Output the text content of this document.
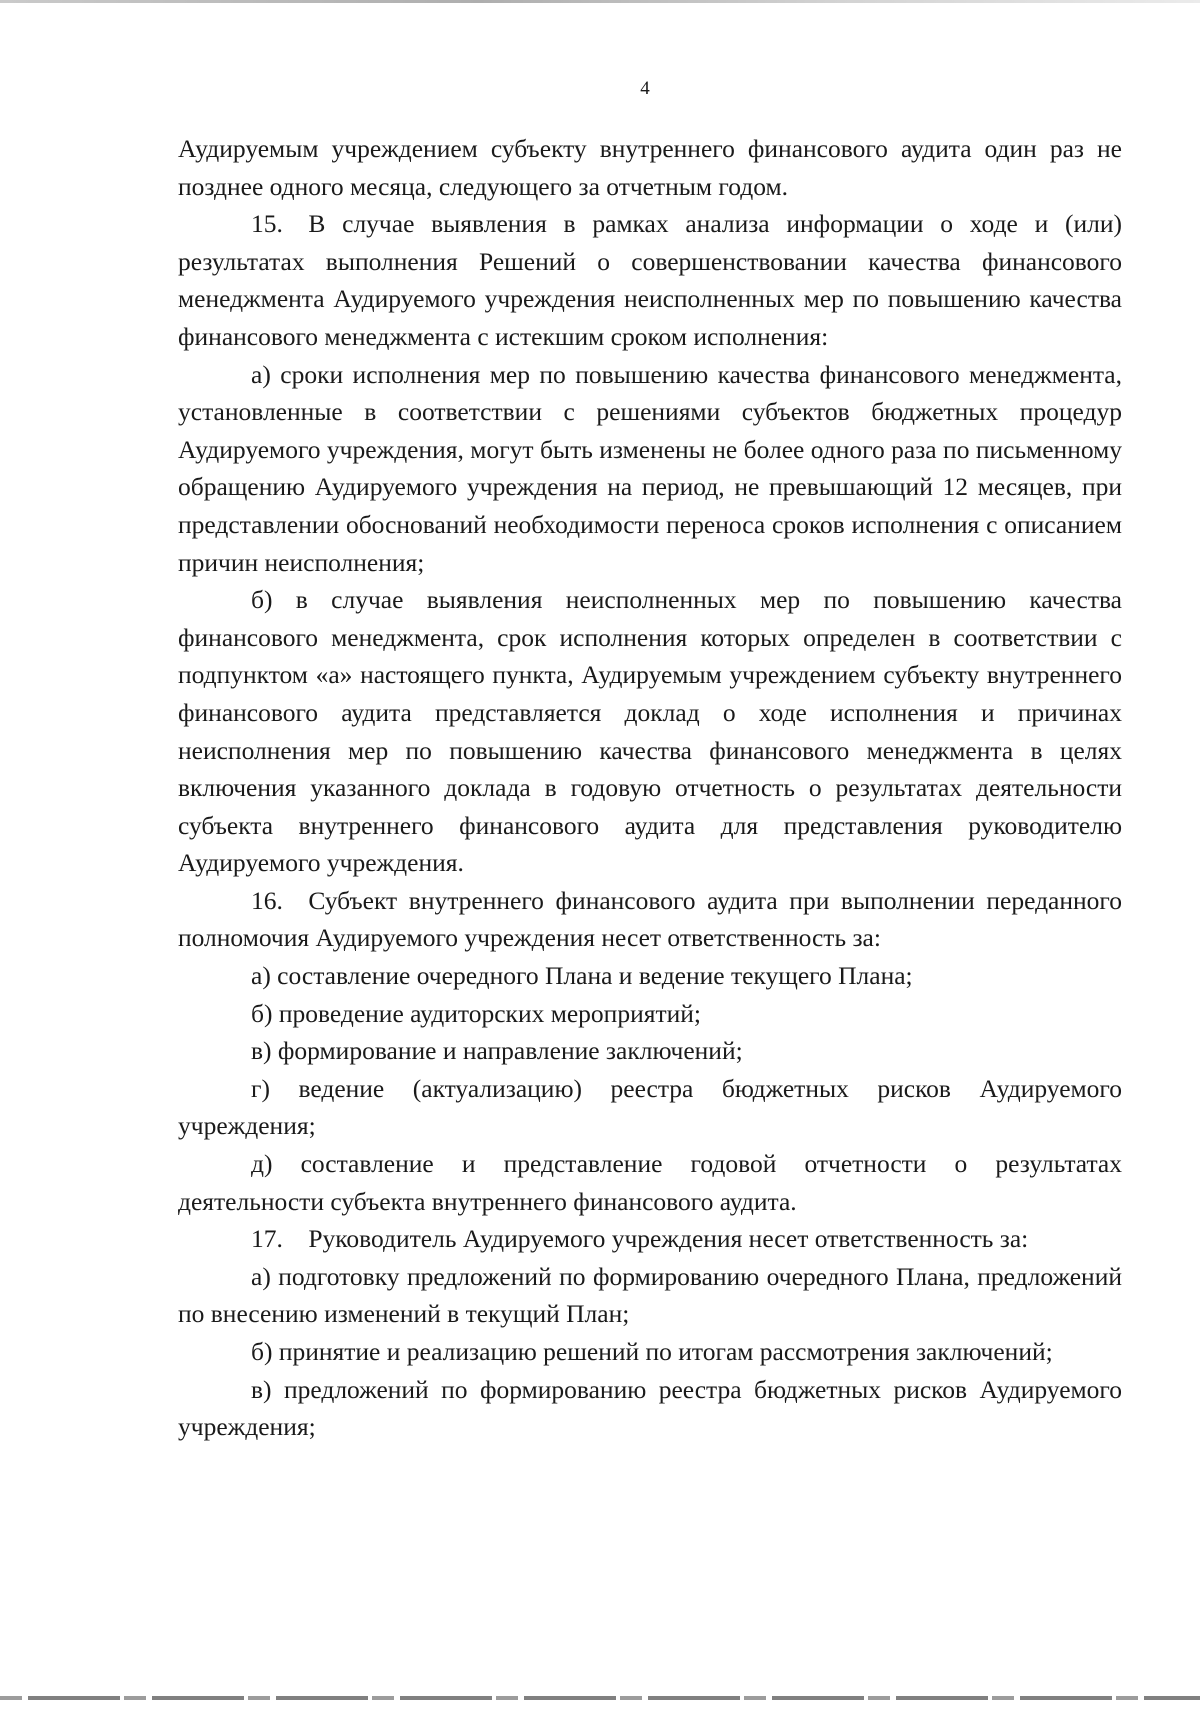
4

Аудируемым учреждением субъекту внутреннего финансового аудита один раз не позднее одного месяца, следующего за отчетным годом.

15. В случае выявления в рамках анализа информации о ходе и (или) результатах выполнения Решений о совершенствовании качества финансового менеджмента Аудируемого учреждения неисполненных мер по повышению качества финансового менеджмента с истекшим сроком исполнения:

а) сроки исполнения мер по повышению качества финансового менеджмента, установленные в соответствии с решениями субъектов бюджетных процедур Аудируемого учреждения, могут быть изменены не более одного раза по письменному обращению Аудируемого учреждения на период, не превышающий 12 месяцев, при представлении обоснований необходимости переноса сроков исполнения с описанием причин неисполнения;

б) в случае выявления неисполненных мер по повышению качества финансового менеджмента, срок исполнения которых определен в соответствии с подпунктом «а» настоящего пункта, Аудируемым учреждением субъекту внутреннего финансового аудита представляется доклад о ходе исполнения и причинах неисполнения мер по повышению качества финансового менеджмента в целях включения указанного доклада в годовую отчетность о результатах деятельности субъекта внутреннего финансового аудита для представления руководителю Аудируемого учреждения.

16. Субъект внутреннего финансового аудита при выполнении переданного полномочия Аудируемого учреждения несет ответственность за:

а) составление очередного Плана и ведение текущего Плана;

б) проведение аудиторских мероприятий;

в) формирование и направление заключений;

г) ведение (актуализацию) реестра бюджетных рисков Аудируемого учреждения;

д) составление и представление годовой отчетности о результатах деятельности субъекта внутреннего финансового аудита.

17. Руководитель Аудируемого учреждения несет ответственность за:

а) подготовку предложений по формированию очередного Плана, предложений по внесению изменений в текущий План;

б) принятие и реализацию решений по итогам рассмотрения заключений;

в) предложений по формированию реестра бюджетных рисков Аудируемого учреждения;
